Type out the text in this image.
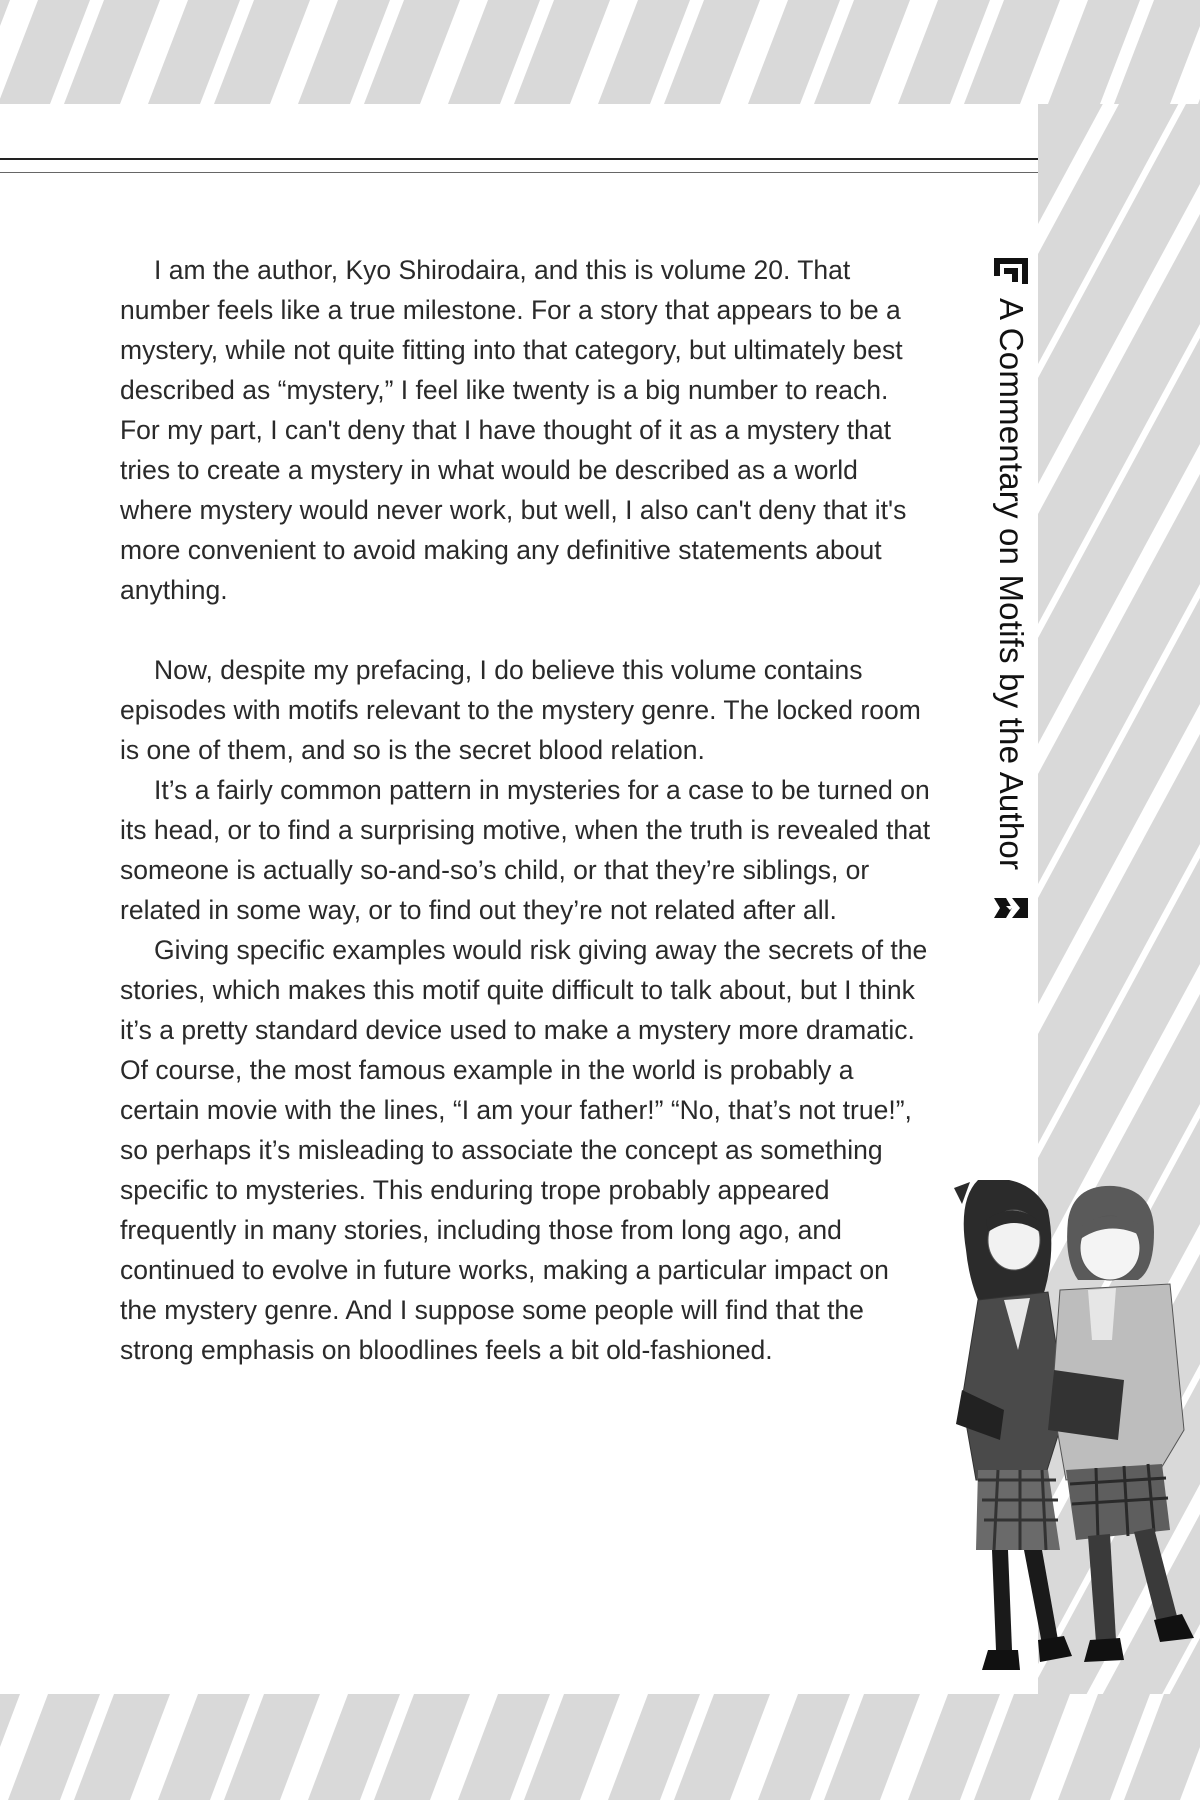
I am the author, Kyo Shirodaira, and this is volume 20. That number feels like a true milestone. For a story that appears to be a mystery, while not quite fitting into that category, but ultimately best described as “mystery,” I feel like twenty is a big number to reach. For my part, I can't deny that I have thought of it as a mystery that tries to create a mystery in what would be described as a world where mystery would never work, but well, I also can't deny that it's more convenient to avoid making any definitive statements about anything.

Now, despite my prefacing, I do believe this volume contains episodes with motifs relevant to the mystery genre. The locked room is one of them, and so is the secret blood relation.

It’s a fairly common pattern in mysteries for a case to be turned on its head, or to find a surprising motive, when the truth is revealed that someone is actually so-and-so’s child, or that they’re siblings, or related in some way, or to find out they’re not related after all.

Giving specific examples would risk giving away the secrets of the stories, which makes this motif quite difficult to talk about, but I think it’s a pretty standard device used to make a mystery more dramatic. Of course, the most famous example in the world is probably a certain movie with the lines, “I am your father!” “No, that’s not true!”, so perhaps it’s misleading to associate the concept as something specific to mysteries. This enduring trope probably appeared frequently in many stories, including those from long ago, and continued to evolve in future works, making a particular impact on the mystery genre. And I suppose some people will find that the strong emphasis on bloodlines feels a bit old-fashioned.

A Commentary on Motifs by the Author
